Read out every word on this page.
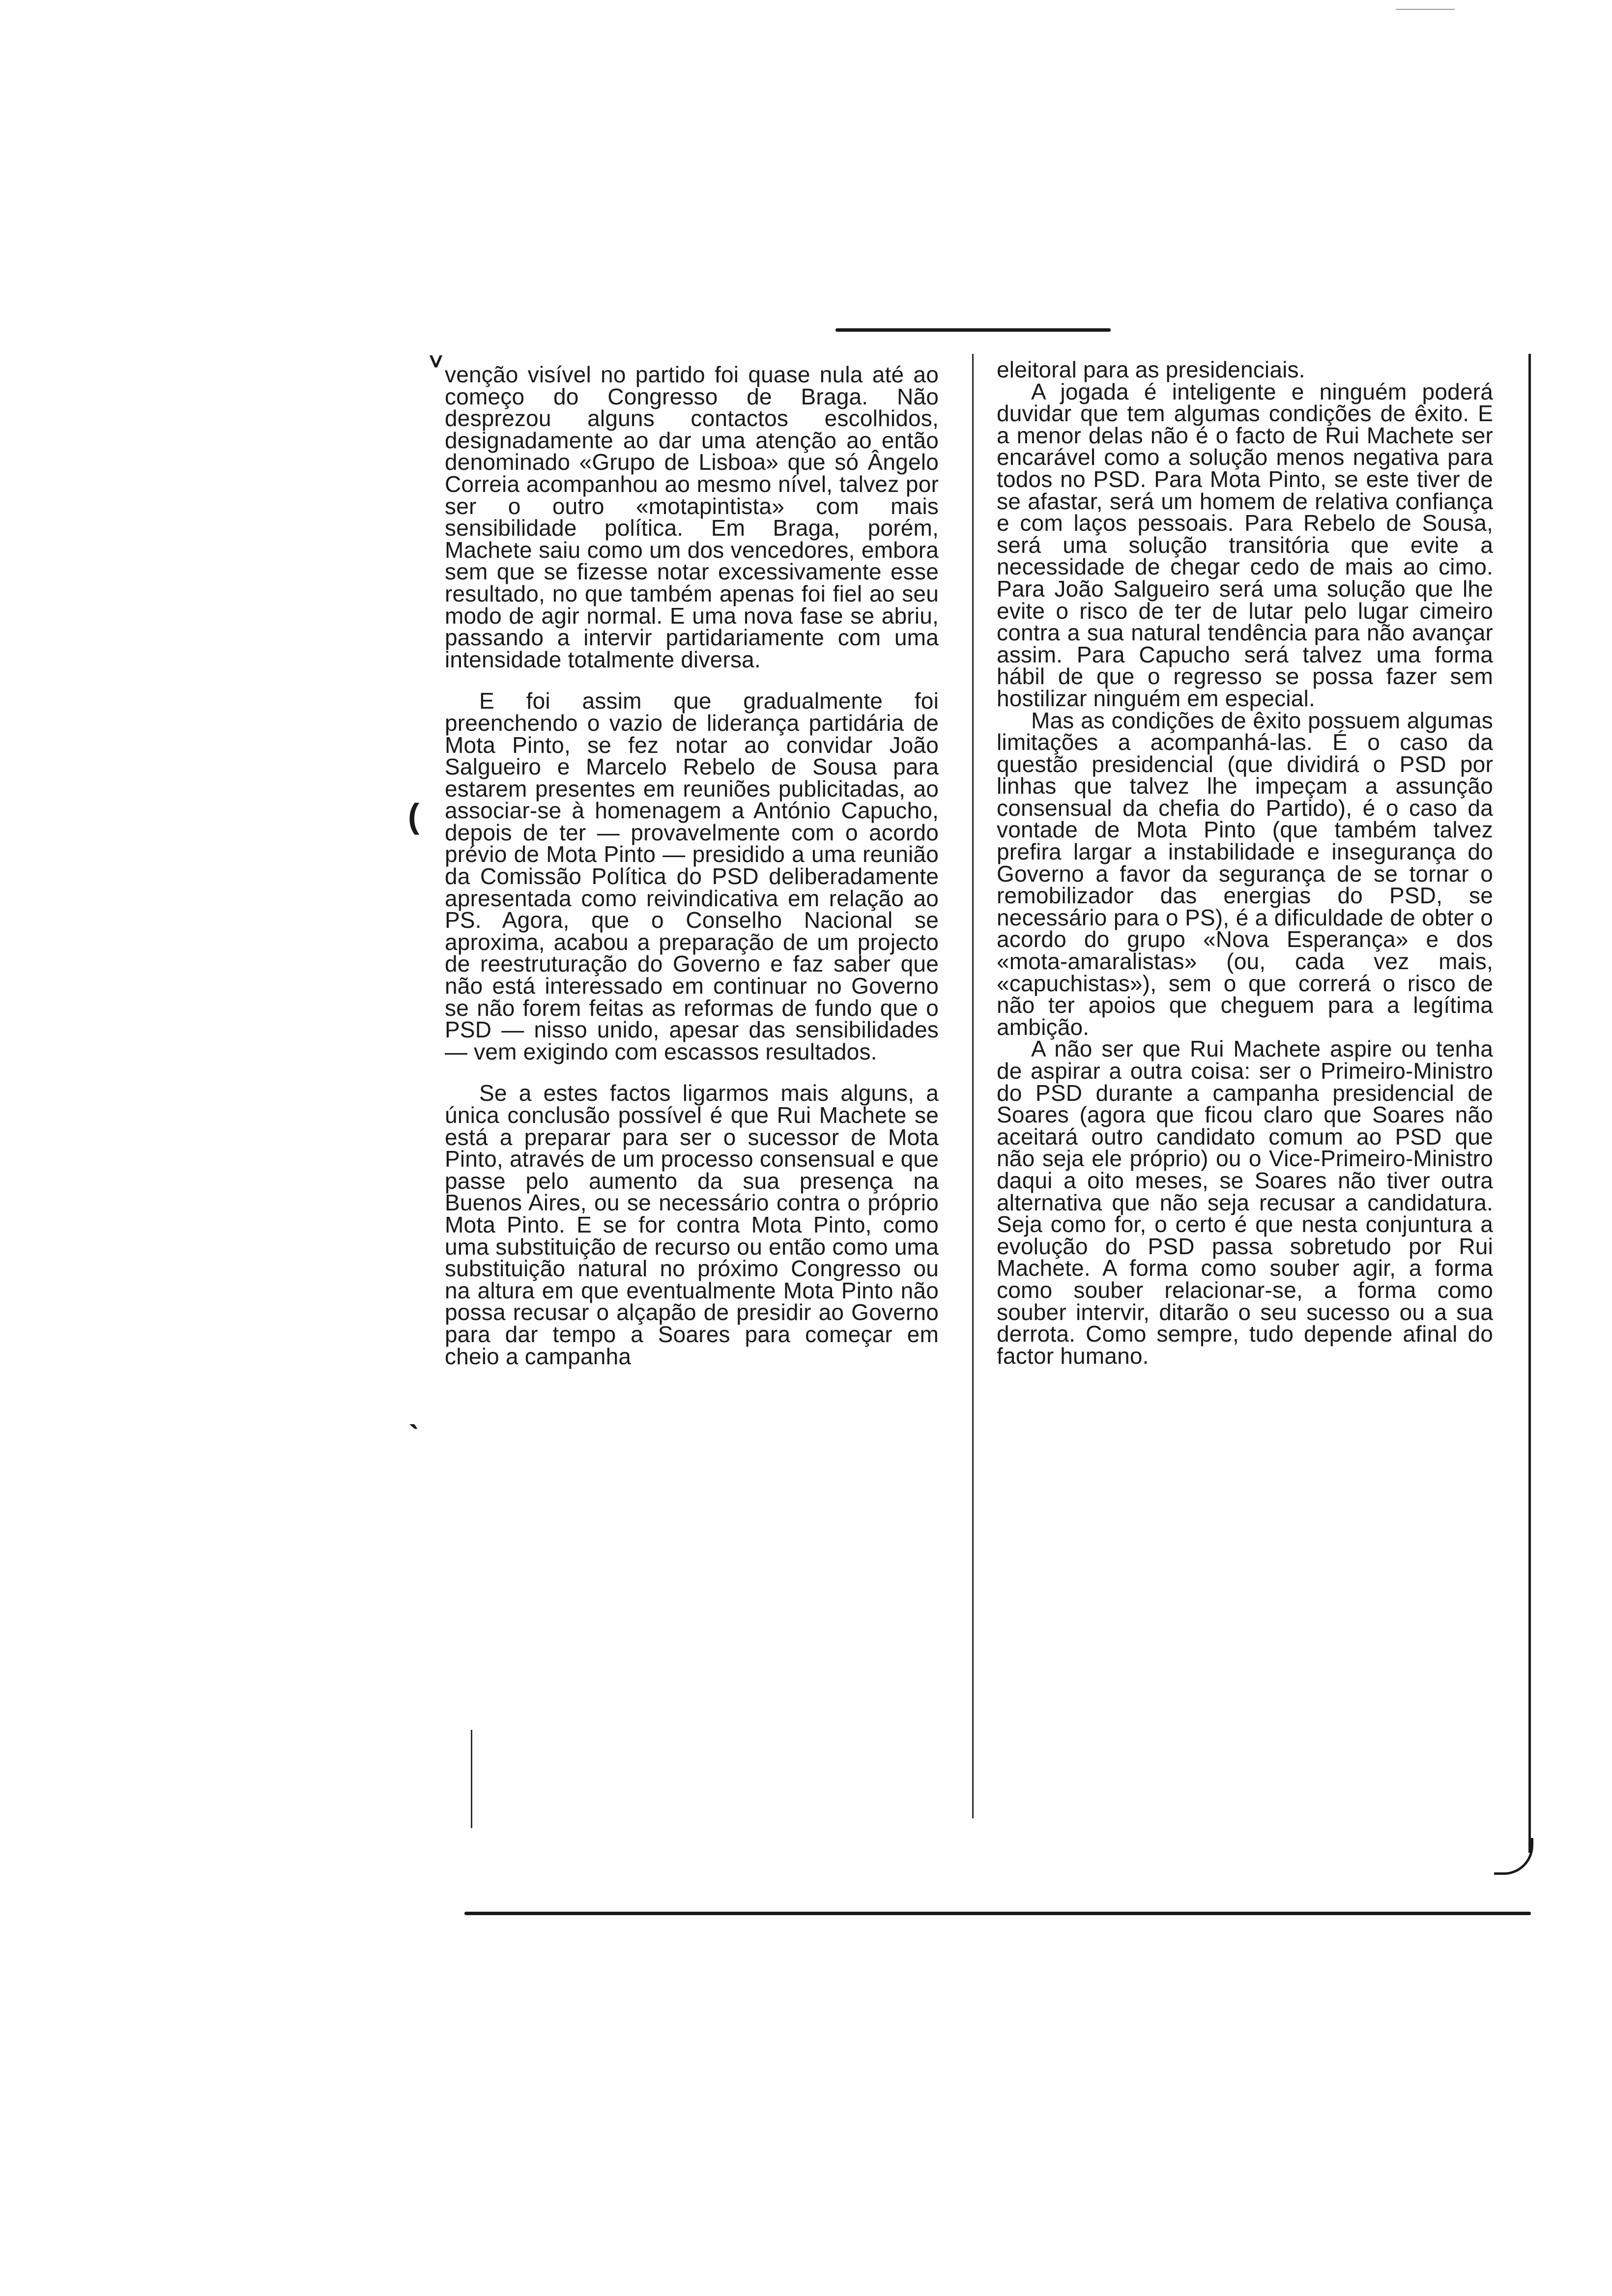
ⱽ
(
ˎ

venção visível no partido foi quase nula até ao começo do Congresso de Braga. Não desprezou alguns contactos escolhidos, designadamente ao dar uma atenção ao então denominado «Grupo de Lisboa» que só Ângelo Correia acompanhou ao mesmo nível, talvez por ser o outro «motapintista» com mais sensibilidade política. Em Braga, porém, Machete saiu como um dos vencedores, embora sem que se fizesse notar excessivamente esse resultado, no que também apenas foi fiel ao seu modo de agir normal. E uma nova fase se abriu, passando a intervir partidariamente com uma intensidade totalmente diversa.

E foi assim que gradualmente foi preenchendo o vazio de liderança partidária de Mota Pinto, se fez notar ao convidar João Salgueiro e Marcelo Rebelo de Sousa para estarem presentes em reuniões publicitadas, ao associar-se à homenagem a António Capucho, depois de ter — provavelmente com o acordo prévio de Mota Pinto — presidido a uma reunião da Comissão Política do PSD deliberadamente apresentada como reivindicativa em relação ao PS. Agora, que o Conselho Nacional se aproxima, acabou a preparação de um projecto de reestruturação do Governo e faz saber que não está interessado em continuar no Governo se não forem feitas as reformas de fundo que o PSD — nisso unido, apesar das sensibilidades — vem exigindo com escassos resultados.

Se a estes factos ligarmos mais alguns, a única conclusão possível é que Rui Machete se está a preparar para ser o sucessor de Mota Pinto, através de um processo consensual e que passe pelo aumento da sua presença na Buenos Aires, ou se necessário contra o próprio Mota Pinto. E se for contra Mota Pinto, como uma substituição de recurso ou então como uma substituição natural no próximo Congresso ou na altura em que eventualmente Mota Pinto não possa recusar o alçapão de presidir ao Governo para dar tempo a Soares para começar em cheio a campanha

eleitoral para as presidenciais.

A jogada é inteligente e ninguém poderá duvidar que tem algumas condições de êxito. E a menor delas não é o facto de Rui Machete ser encarável como a solução menos negativa para todos no PSD. Para Mota Pinto, se este tiver de se afastar, será um homem de relativa confiança e com laços pessoais. Para Rebelo de Sousa, será uma solução transitória que evite a necessidade de chegar cedo de mais ao cimo. Para João Salgueiro será uma solução que lhe evite o risco de ter de lutar pelo lugar cimeiro contra a sua natural tendência para não avançar assim. Para Capucho será talvez uma forma hábil de que o regresso se possa fazer sem hostilizar ninguém em especial.

Mas as condições de êxito possuem algumas limitações a acompanhá-las. É o caso da questão presidencial (que dividirá o PSD por linhas que talvez lhe impeçam a assunção consensual da chefia do Partido), é o caso da vontade de Mota Pinto (que também talvez prefira largar a instabilidade e insegurança do Governo a favor da segurança de se tornar o remobilizador das energias do PSD, se necessário para o PS), é a dificuldade de obter o acordo do grupo «Nova Esperança» e dos «mota-amaralistas» (ou, cada vez mais, «capuchistas»), sem o que correrá o risco de não ter apoios que cheguem para a legítima ambição.

A não ser que Rui Machete aspire ou tenha de aspirar a outra coisa: ser o Primeiro-Ministro do PSD durante a campanha presidencial de Soares (agora que ficou claro que Soares não aceitará outro candidato comum ao PSD que não seja ele próprio) ou o Vice-Primeiro-Ministro daqui a oito meses, se Soares não tiver outra alternativa que não seja recusar a candidatura. Seja como for, o certo é que nesta conjuntura a evolução do PSD passa sobretudo por Rui Machete. A forma como souber agir, a forma como souber relacionar-se, a forma como souber intervir, ditarão o seu sucesso ou a sua derrota. Como sempre, tudo depende afinal do factor humano.
